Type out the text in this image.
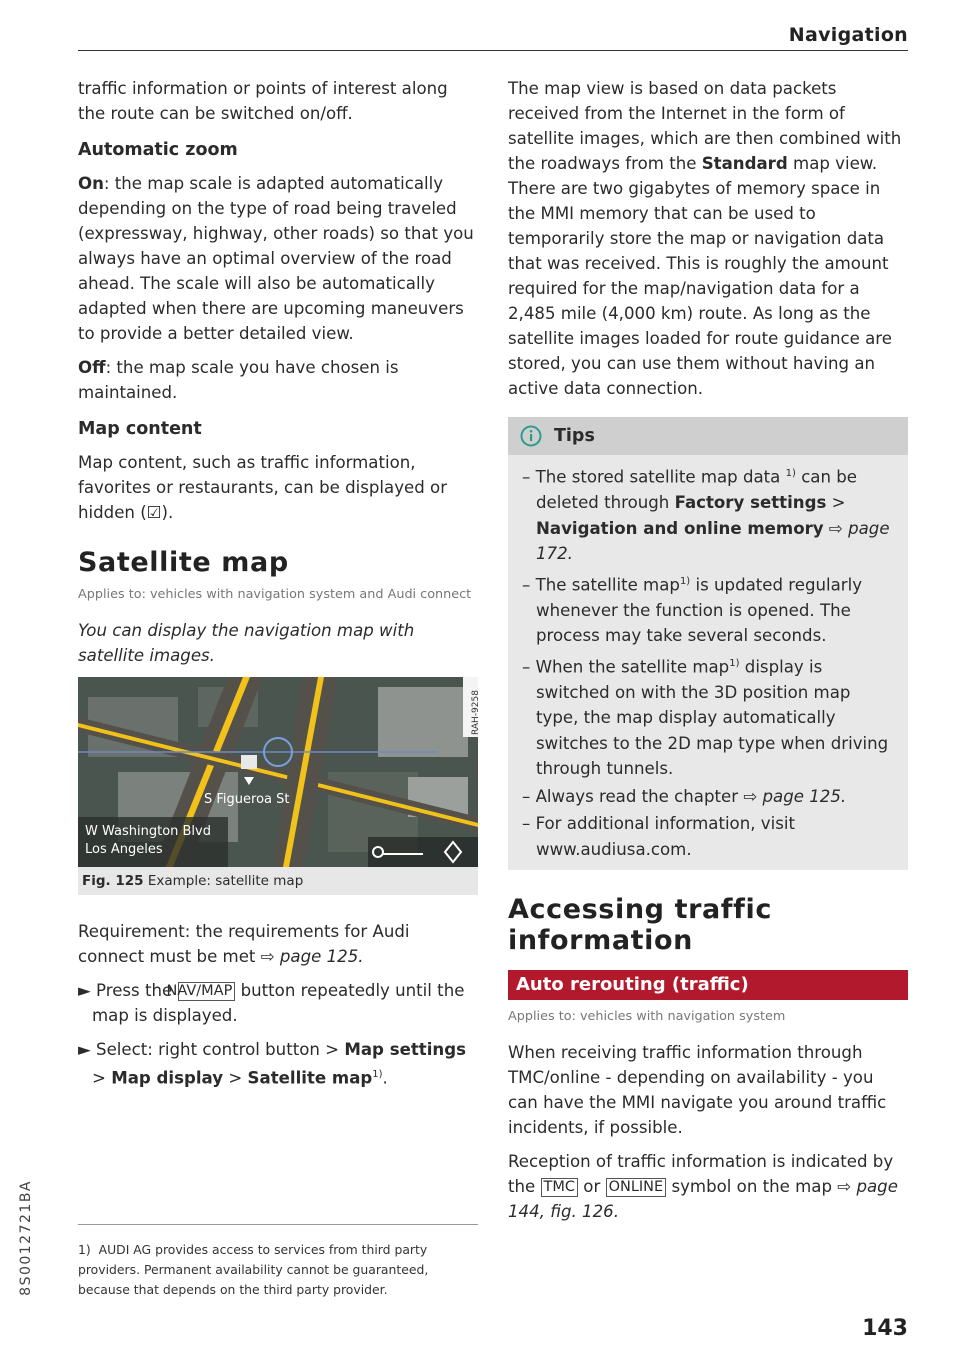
Navigation

traffic information or points of interest along the route can be switched on/off.

Automatic zoom

On: the map scale is adapted automatically depending on the type of road being traveled (expressway, highway, other roads) so that you always have an optimal overview of the road ahead. The scale will also be automatically adapted when there are upcoming maneuvers to provide a better detailed view.

Off: the map scale you have chosen is maintained.

Map content

Map content, such as traffic information, favorites or restaurants, can be displayed or hidden (☑).

Satellite map
Applies to: vehicles with navigation system and Audi connect

You can display the navigation map with satellite images.

S Figueroa St
W Washington Blvd
Los Angeles
RAH-9258
Fig. 125 Example: satellite map

Requirement: the requirements for Audi connect must be met ⇨ page 125.

► Press the NAV/MAP button repeatedly until the map is displayed.

► Select: right control button > Map settings > Map display > Satellite map$^{1)}$.

The map view is based on data packets received from the Internet in the form of satellite images, which are then combined with the roadways from the Standard map view. There are two gigabytes of memory space in the MMI memory that can be used to temporarily store the map or navigation data that was received. This is roughly the amount required for the map/navigation data for a 2,485 mile (4,000 km) route. As long as the satellite images loaded for route guidance are stored, you can use them without having an active data connection.

Tips
– The stored satellite map data $^{1)}$ can be deleted through Factory settings > Navigation and online memory ⇨ page 172.
– The satellite map$^{1)}$ is updated regularly whenever the function is opened. The process may take several seconds.
– When the satellite map$^{1)}$ display is switched on with the 3D position map type, the map display automatically switches to the 2D map type when driving through tunnels.
– Always read the chapter ⇨ page 125.
– For additional information, visit www.audiusa.com.
Accessing traffic
information
Auto rerouting (traffic)
Applies to: vehicles with navigation system

When receiving traffic information through TMC/online - depending on availability - you can have the MMI navigate you around traffic incidents, if possible.

Reception of traffic information is indicated by the TMC or ONLINE symbol on the map ⇨ page 144, fig. 126.

1) AUDI AG provides access to services from third party providers. Permanent availability cannot be guaranteed, because that depends on the third party provider.
8S0012721BA
143
